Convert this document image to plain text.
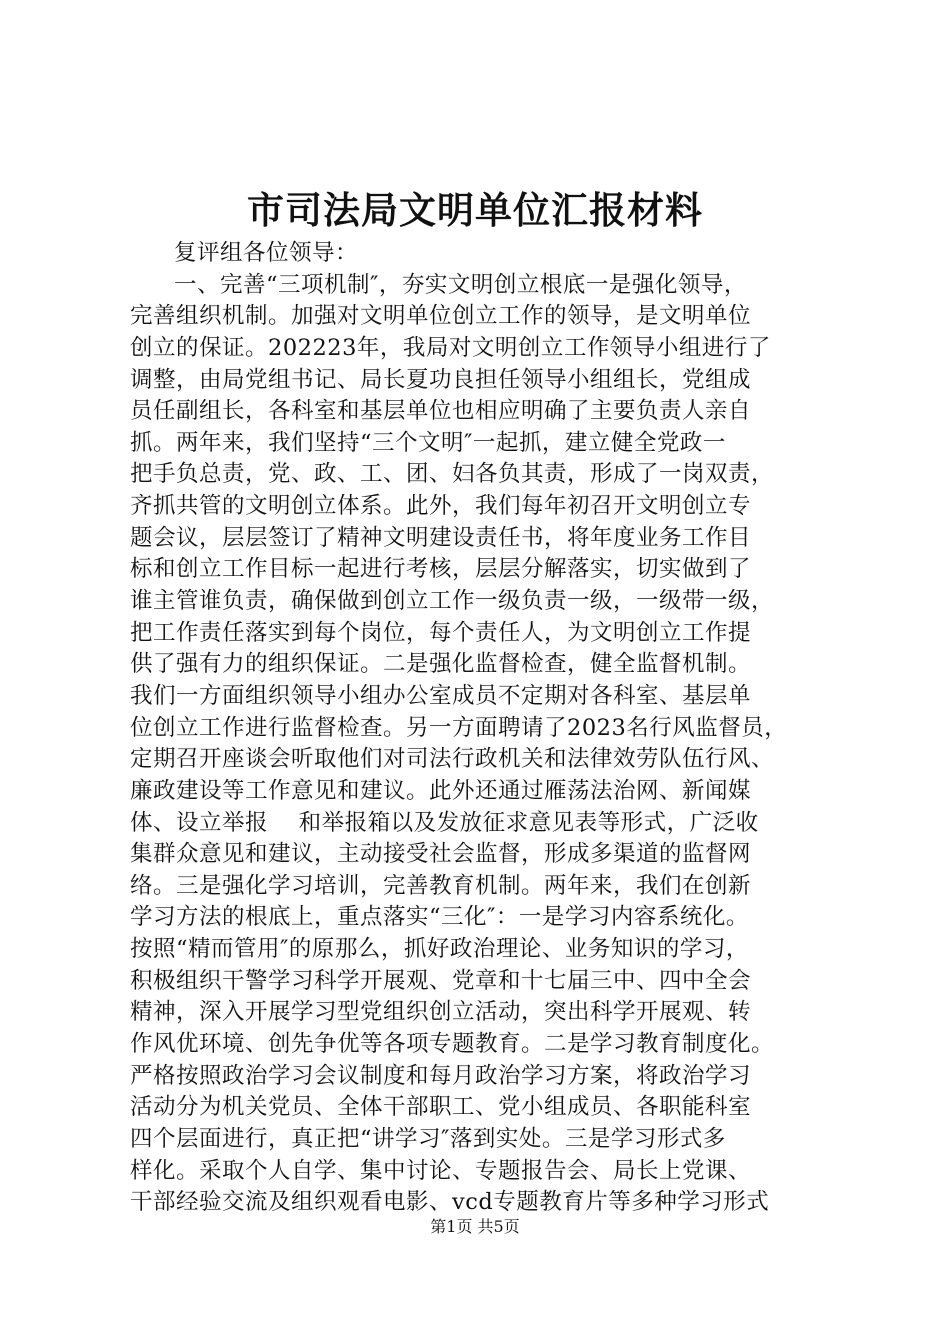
市司法局文明单位汇报材料
复评组各位领导：
一、完善“三项机制″，夯实文明创立根底一是强化领导，
完善组织机制。加强对文明单位创立工作的领导，是文明单位
创立的保证。202223年，我局对文明创立工作领导小组进行了
调整，由局党组书记、局长夏功良担任领导小组组长，党组成
员任副组长，各科室和基层单位也相应明确了主要负责人亲自
抓。两年来，我们坚持“三个文明″一起抓，建立健全党政一
把手负总责，党、政、工、团、妇各负其责，形成了一岗双责，
齐抓共管的文明创立体系。此外，我们每年初召开文明创立专
题会议，层层签订了精神文明建设责任书，将年度业务工作目
标和创立工作目标一起进行考核，层层分解落实，切实做到了
谁主管谁负责，确保做到创立工作一级负责一级，一级带一级，
把工作责任落实到每个岗位，每个责任人，为文明创立工作提
供了强有力的组织保证。二是强化监督检查，健全监督机制。
我们一方面组织领导小组办公室成员不定期对各科室、基层单
位创立工作进行监督检查。另一方面聘请了2023名行风监督员，
定期召开座谈会听取他们对司法行政机关和法律效劳队伍行风、
廉政建设等工作意见和建议。此外还通过雁荡法治网、新闻媒
体、设立举报　 和举报箱以及发放征求意见表等形式，广泛收
集群众意见和建议，主动接受社会监督，形成多渠道的监督网
络。三是强化学习培训，完善教育机制。两年来，我们在创新
学习方法的根底上，重点落实“三化″：一是学习内容系统化。
按照“精而管用″的原那么，抓好政治理论、业务知识的学习，
积极组织干警学习科学开展观、党章和十七届三中、四中全会
精神，深入开展学习型党组织创立活动，突出科学开展观、转
作风优环境、创先争优等各项专题教育。二是学习教育制度化。
严格按照政治学习会议制度和每月政治学习方案，将政治学习
活动分为机关党员、全体干部职工、党小组成员、各职能科室
四个层面进行，真正把“讲学习″落到实处。三是学习形式多
样化。采取个人自学、集中讨论、专题报告会、局长上党课、
干部经验交流及组织观看电影、vcd专题教育片等多种学习形式
第1页 共5页
